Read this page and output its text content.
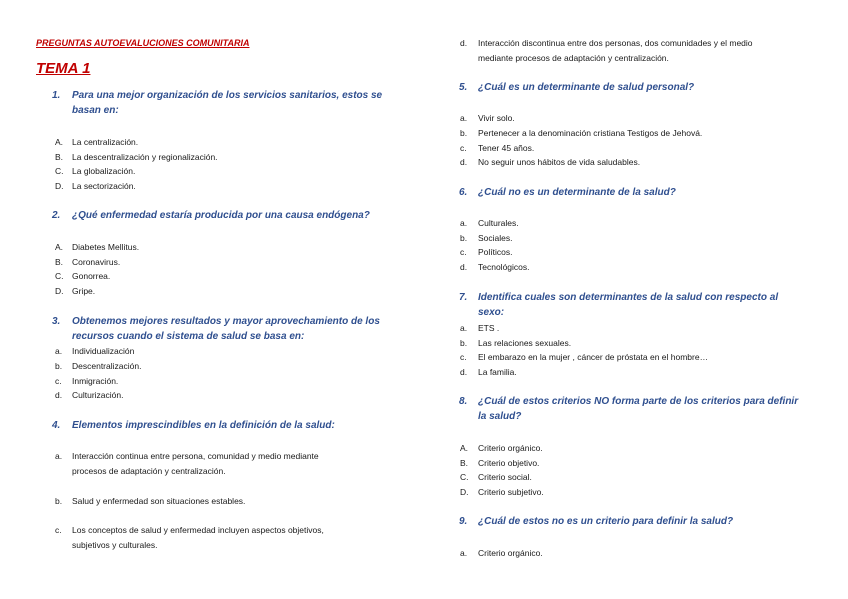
PREGUNTAS AUTOEVALUCIONES COMUNITARIA
TEMA 1
1. Para una mejor organización de los servicios sanitarios, estos se
basan en:
A. La centralización.
B. La descentralización y regionalización.
C. La globalización.
D. La sectorización.
2. ¿Qué enfermedad estaría producida por una causa endógena?
A. Diabetes Mellitus.
B. Coronavirus.
C. Gonorrea.
D. Gripe.
3. Obtenemos mejores resultados y mayor aprovechamiento de los
recursos cuando el sistema de salud se basa en:
a. Individualización
b. Descentralización.
c. Inmigración.
d. Culturización.
4. Elementos imprescindibles en la definición de la salud:
a. Interacción continua entre persona, comunidad y medio mediante
procesos de adaptación y centralización.
b. Salud y enfermedad son situaciones estables.
c. Los conceptos de salud y enfermedad incluyen aspectos objetivos,
subjetivos y culturales.
d. Interacción discontinua entre dos personas, dos comunidades y el medio
mediante procesos de adaptación y centralización.
5. ¿Cuál es un determinante de salud personal?
a. Vivir solo.
b. Pertenecer a la denominación cristiana Testigos de Jehová.
c. Tener 45 años.
d. No seguir unos hábitos de vida saludables.
6. ¿Cuál no es un determinante de la salud?
a. Culturales.
b. Sociales.
c. Políticos.
d. Tecnológicos.
7. Identifica cuales son determinantes de la salud con respecto al
sexo:
a. ETS .
b. Las relaciones sexuales.
c. El embarazo en la mujer , cáncer de próstata en el hombre…
d. La familia.
8. ¿Cuál de estos criterios NO forma parte de los criterios para definir
la salud?
A. Criterio orgánico.
B. Criterio objetivo.
C. Criterio social.
D. Criterio subjetivo.
9. ¿Cuál de estos no es un criterio para definir la salud?
a. Criterio orgánico.
